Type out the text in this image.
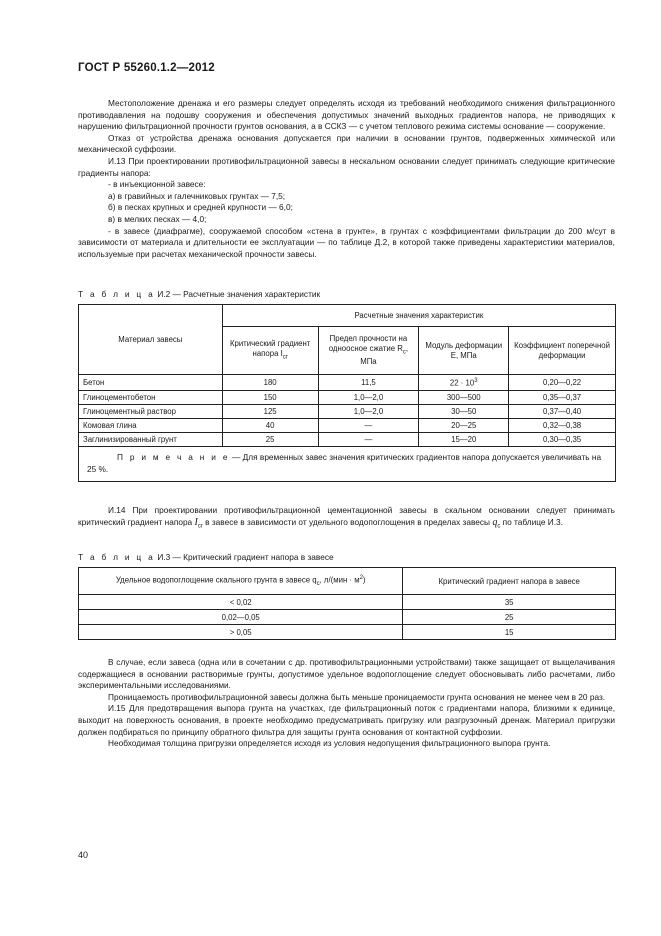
ГОСТ Р 55260.1.2—2012

Местоположение дренажа и его размеры следует определять исходя из требований необходимого снижения фильтрационного противодавления на подошву сооружения и обеспечения допустимых значений выходных градиентов напора, не приводящих к нарушению фильтрационной прочности грунтов основания, а в ССКЗ — с учетом теплового режима системы основание — сооружение.

Отказ от устройства дренажа основания допускается при наличии в основании грунтов, подверженных химической или механической суффозии.

И.13 При проектировании противофильтрационной завесы в нескальном основании следует принимать следующие критические градиенты напора:

- в инъекционной завесе:

а) в гравийных и галечниковых грунтах — 7,5;

б) в песках крупных и средней крупности — 6,0;

в) в мелких песках — 4,0;

- в завесе (диафрагме), сооружаемой способом «стена в грунте», в грунтах с коэффициентами фильтрации до 200 м/сут в зависимости от материала и длительности ее эксплуатации — по таблице Д.2, в которой также приведены характеристики материалов, используемые при расчетах механической прочности завесы.

Т а б л и ц а И.2 — Расчетные значения характеристик
Материал завесы	Расчетные значения характеристик			
	Критический градиент напора $I_{cr}$	Предел прочности на одноосное сжатие $R_c$, МПа	Модуль деформации E, МПа	Коэффициент поперечной деформации
Бетон	180	11,5	$22 \cdot 10^3$	0,20—0,22
Глиноцементобетон	150	1,0—2,0	300—500	0,35—0,37
Глиноцементный раствор	125	1,0—2,0	30—50	0,37—0,40
Комовая глина	40	—	20—25	0,32—0,38
Заглинизированный грунт	25	—	15—20	0,30—0,35
П р и м е ч а н и е — Для временных завес значения критических градиентов напора допускается увеличивать на 25 %.				

И.14 При проектировании противофильтрационной цементационной завесы в скальном основании следует принимать критический градиент напора $I_{cr}$ в завесе в зависимости от удельного водопоглощения в пределах завесы $q_c$ по таблице И.3.

Т а б л и ц а И.3 — Критический градиент напора в завесе
Удельное водопоглощение скального грунта в завесе $q_c$, $л/(мин \cdot м^2)$	Критический градиент напора в завесе
< 0,02	35
0,02—0,05	25
> 0,05	15

В случае, если завеса (одна или в сочетании с др. противофильтрационными устройствами) также защищает от выщелачивания содержащиеся в основании растворимые грунты, допустимое удельное водопоглощение следует обосновывать либо расчетами, либо экспериментальными исследованиями.

Проницаемость противофильтрационной завесы должна быть меньше проницаемости грунта основания не менее чем в 20 раз.

И.15 Для предотвращения выпора грунта на участках, где фильтрационный поток с градиентами напора, близкими к единице, выходит на поверхность основания, в проекте необходимо предусматривать пригрузку или разгрузочный дренаж. Материал пригрузки должен подбираться по принципу обратного фильтра для защиты грунта основания от контактной суффозии.

Необходимая толщина пригрузки определяется исходя из условия недопущения фильтрационного выпора грунта.

40
